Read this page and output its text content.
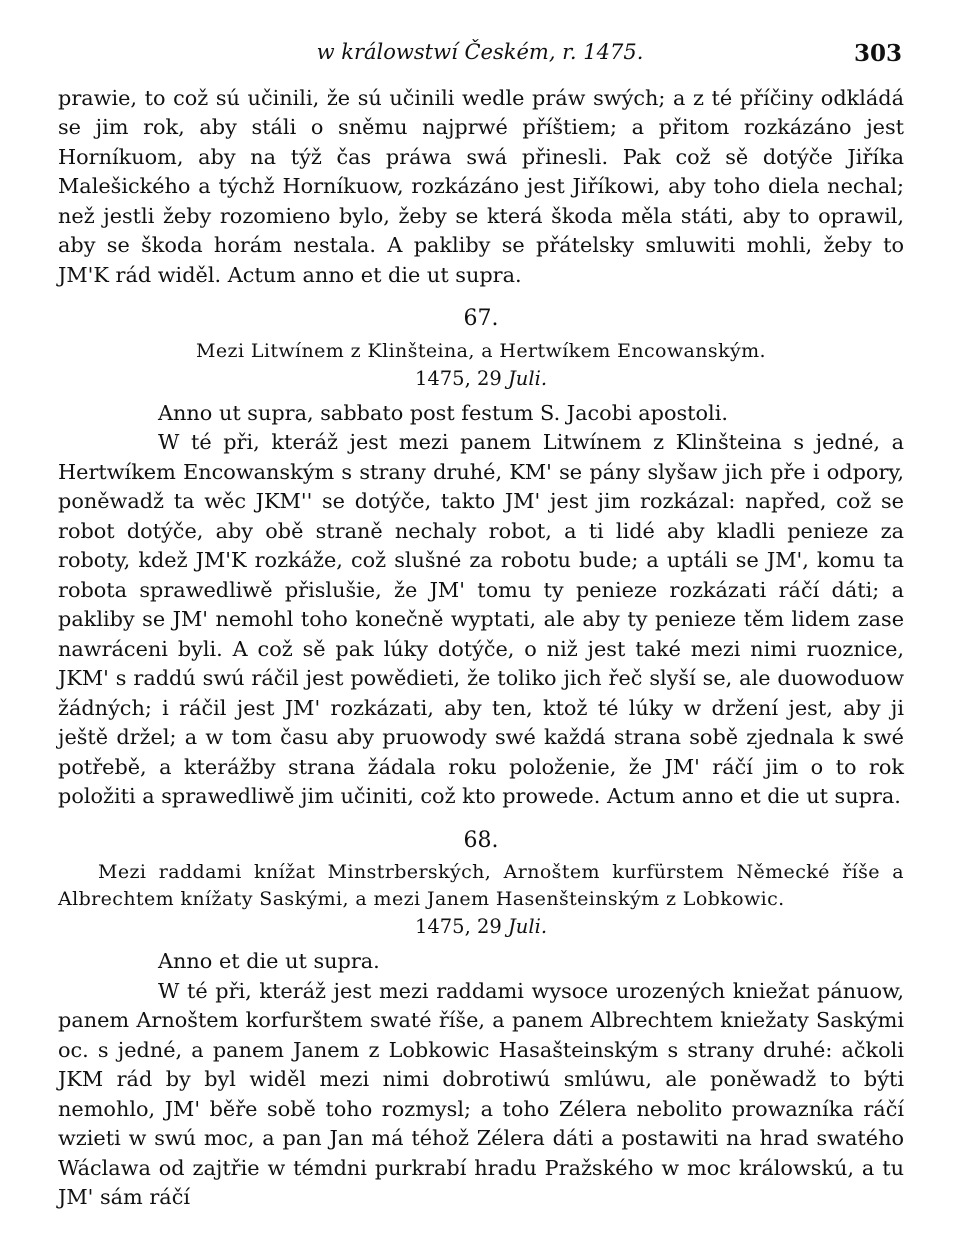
w králowstwí Českém, r. 1475.	303

prawie, to což sú učinili, že sú učinili wedle práw swých; a z té příčiny odkládá se jim rok, aby stáli o sněmu najprwé příštiem; a přitom rozkázáno jest Horníkuom, aby na týž čas práwa swá přinesli. Pak což sě dotýče Jiříka Malešického a týchž Horníkuow, rozkázáno jest Jiříkowi, aby toho diela nechal; než jestli žeby rozomieno bylo, žeby se která škoda měla státi, aby to oprawil, aby se škoda horám nestala. A pakliby se přátelsky smluwiti mohli, žeby to JM'K rád widěl. Actum anno et die ut supra.

67.
Mezi Litwínem z Klinšteina, a Hertwíkem Encowanským.
1475, 29 Juli.

Anno ut supra, sabbato post festum S. Jacobi apostoli.

W té při, kteráž jest mezi panem Litwínem z Klinšteina s jedné, a Hertwíkem Encowanským s strany druhé, KM' se pány slyšaw jich pře i odpory, poněwadž ta wěc JKM'' se dotýče, takto JM' jest jim rozkázal: napřed, což se robot dotýče, aby obě straně nechaly robot, a ti lidé aby kladli penieze za roboty, kdež JM'K rozkáže, což slušné za robotu bude; a uptáli se JM', komu ta robota sprawedliwě přislušie, že JM' tomu ty penieze rozkázati ráčí dáti; a pakliby se JM' nemohl toho konečně wyptati, ale aby ty penieze těm lidem zase nawráceni byli. A což sě pak lúky dotýče, o niž jest také mezi nimi ruoznice, JKM' s raddú swú ráčil jest powědieti, že toliko jich řeč slyší se, ale duowoduow žádných; i ráčil jest JM' rozkázati, aby ten, ktož té lúky w držení jest, aby ji ještě držel; a w tom času aby pruowody swé každá strana sobě zjednala k swé potřebě, a kterážby strana žádala roku položenie, že JM' ráčí jim o to rok položiti a sprawedliwě jim učiniti, což kto prowede. Actum anno et die ut supra.

68.
Mezi raddami knížat Minstrberských, Arnoštem kurfürstem Německé říše a Albrechtem knížaty Saskými, a mezi Janem Hasenšteinským z Lobkowic.
1475, 29 Juli.

Anno et die ut supra.

W té při, kteráž jest mezi raddami wysoce urozených kniežat pánuow, panem Arnoštem korfurštem swaté říše, a panem Albrechtem kniežaty Saskými oc. s jedné, a panem Janem z Lobkowic Hasašteinským s strany druhé: ačkoli JKM rád by byl widěl mezi nimi dobrotiwú smlúwu, ale poněwadž to býti nemohlo, JM' běře sobě toho rozmysl; a toho Zélera nebolito prowazníka ráčí wzieti w swú moc, a pan Jan má téhož Zélera dáti a postawiti na hrad swatého Wáclawa od zajtřie w témdni purkrabí hradu Pražského w moc králowskú, a tu JM' sám ráčí
